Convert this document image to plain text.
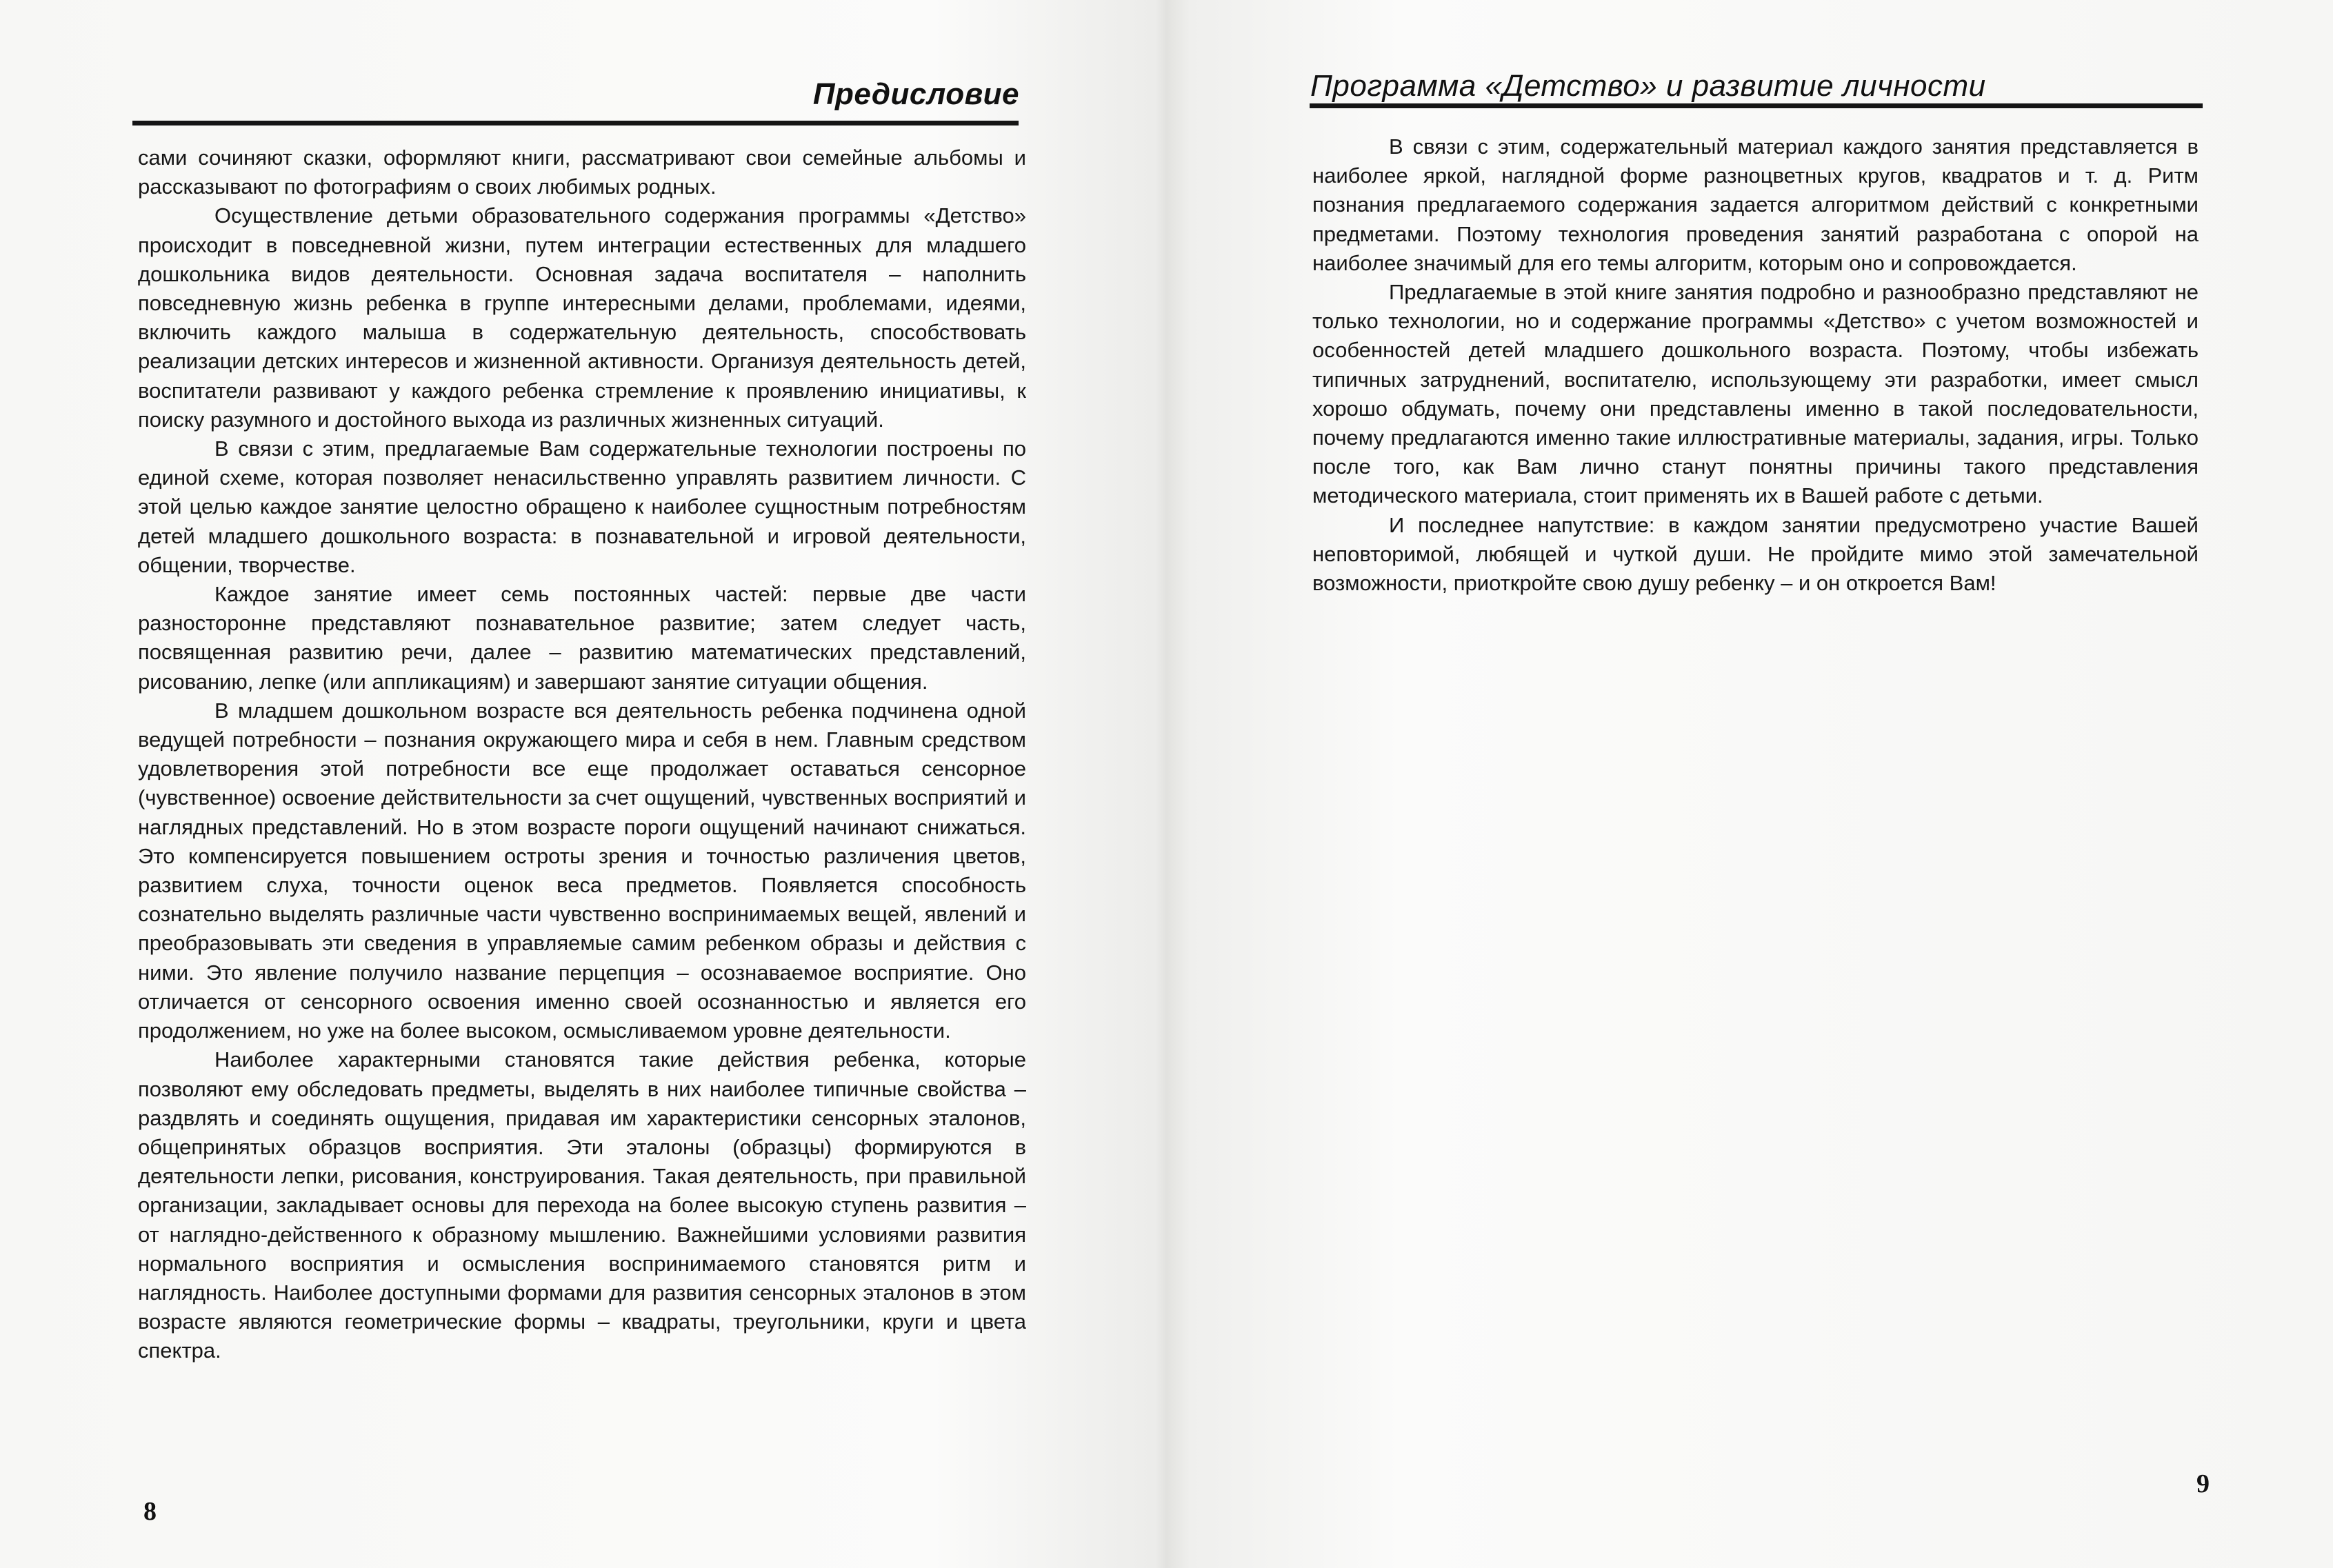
Предисловие

сами сочиняют сказки, оформляют книги, рассматривают свои семейные альбомы и рассказывают по фотографиям о своих любимых родных.

Осуществление детьми образовательного содержания программы «Детство» происходит в повседневной жизни, путем интеграции естественных для младшего дошкольника видов деятельности. Основная задача воспитателя – наполнить повседневную жизнь ребенка в группе интересными делами, проблемами, идеями, включить каждого малыша в содержательную деятельность, способствовать реализации детских интересов и жизненной активности. Организуя деятельность детей, воспитатели развивают у каждого ребенка стремление к проявлению инициативы, к поиску разумного и достойного выхода из различных жизненных ситуаций.

В связи с этим, предлагаемые Вам содержательные технологии построены по единой схеме, которая позволяет ненасильственно управлять развитием личности. С этой целью каждое занятие целостно обращено к наиболее сущностным потребностям детей младшего дошкольного возраста: в познавательной и игровой деятельности, общении, творчестве.

Каждое занятие имеет семь постоянных частей: первые две части разносторонне представляют познавательное развитие; затем следует часть, посвященная развитию речи, далее – развитию математических представлений, рисованию, лепке (или аппликациям) и завершают занятие ситуации общения.

В младшем дошкольном возрасте вся деятельность ребенка подчинена одной ведущей потребности – познания окружающего мира и себя в нем. Главным средством удовлетворения этой потребности все еще продолжает оставаться сенсорное (чувственное) освоение действительности за счет ощущений, чувственных восприятий и наглядных представлений. Но в этом возрасте пороги ощущений начинают снижаться. Это компенсируется повышением остроты зрения и точностью различения цветов, развитием слуха, точности оценок веса предметов. Появляется способность сознательно выделять различные части чувственно воспринимаемых вещей, явлений и преобразовывать эти сведения в управляемые самим ребенком образы и действия с ними. Это явление получило название перцепция – осознаваемое восприятие. Оно отличается от сенсорного освоения именно своей осознанностью и является его продолжением, но уже на более высоком, осмысливаемом уровне деятельности.

Наиболее характерными становятся такие действия ребенка, которые позволяют ему обследовать предметы, выделять в них наиболее типичные свойства – раздвлять и соединять ощущения, придавая им характеристики сенсорных эталонов, общепринятых образцов восприятия. Эти эталоны (образцы) формируются в деятельности лепки, рисования, конструирования. Такая деятельность, при правильной организации, закладывает основы для перехода на более высокую ступень развития – от наглядно-действенного к образному мышлению. Важнейшими условиями развития нормального восприятия и осмысления воспринимаемого становятся ритм и наглядность. Наиболее доступными формами для развития сенсорных эталонов в этом возрасте являются геометрические формы – квадраты, треугольники, круги и цвета спектра.

8
Программа «Детство» и развитие личности

В связи с этим, содержательный материал каждого занятия представляется в наиболее яркой, наглядной форме разноцветных кругов, квадратов и т. д. Ритм познания предлагаемого содержания задается алгоритмом действий с конкретными предметами. Поэтому технология проведения занятий разработана с опорой на наиболее значимый для его темы алгоритм, которым оно и сопровождается.

Предлагаемые в этой книге занятия подробно и разнообразно представляют не только технологии, но и содержание программы «Детство» с учетом возможностей и особенностей детей младшего дошкольного возраста. Поэтому, чтобы избежать типичных затруднений, воспитателю, использующему эти разработки, имеет смысл хорошо обдумать, почему они представлены именно в такой последовательности, почему предлагаются именно такие иллюстративные материалы, задания, игры. Только после того, как Вам лично станут понятны причины такого представления методического материала, стоит применять их в Вашей работе с детьми.

И последнее напутствие: в каждом занятии предусмотрено участие Вашей неповторимой, любящей и чуткой души. Не пройдите мимо этой замечательной возможности, приоткройте свою душу ребенку – и он откроется Вам!

9
